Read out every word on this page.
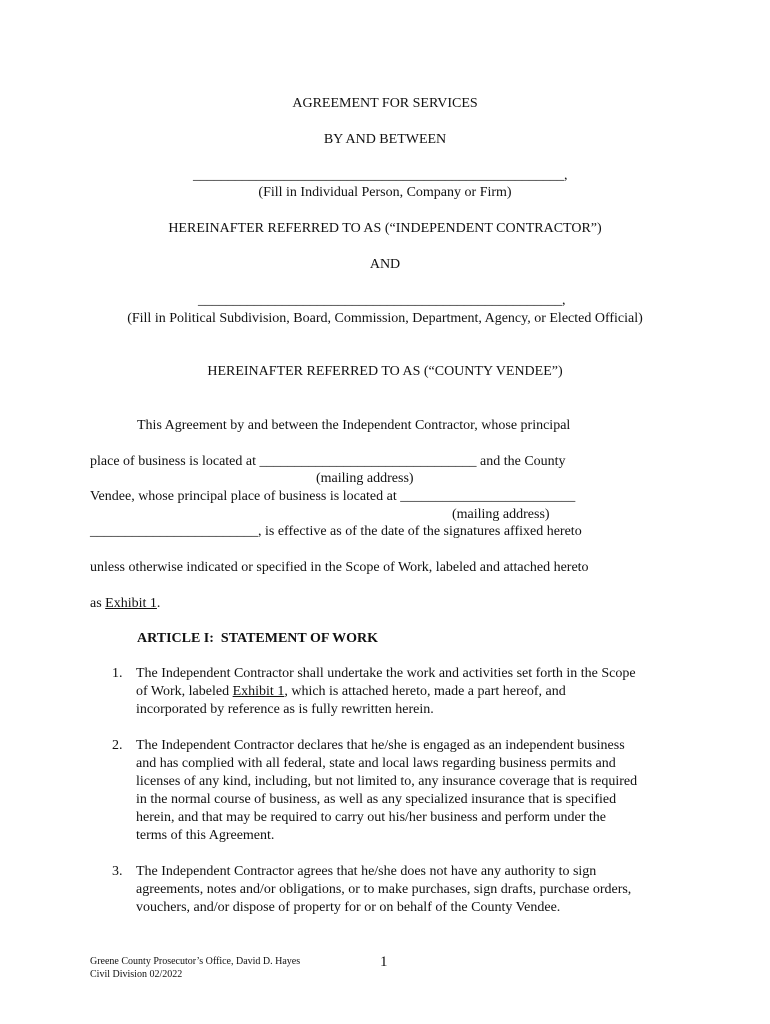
AGREEMENT FOR SERVICES
BY AND BETWEEN
_____________________________________________________,
(Fill in Individual Person, Company or Firm)
HEREINAFTER REFERRED TO AS (“INDEPENDENT CONTRACTOR”)
AND
____________________________________________________,
(Fill in Political Subdivision, Board, Commission, Department, Agency, or Elected Official)
HEREINAFTER REFERRED TO AS (“COUNTY VENDEE”)
This Agreement by and between the Independent Contractor, whose principal
place of business is located at _______________________________ and the County
(mailing address)
Vendee, whose principal place of business is located at _________________________
(mailing address)
________________________, is effective as of the date of the signatures affixed hereto
unless otherwise indicated or specified in the Scope of Work, labeled and attached hereto
as Exhibit 1.
ARTICLE I:  STATEMENT OF WORK
1. The Independent Contractor shall undertake the work and activities set forth in the Scope
of Work, labeled Exhibit 1, which is attached hereto, made a part hereof, and
incorporated by reference as is fully rewritten herein.
2. The Independent Contractor declares that he/she is engaged as an independent business
and has complied with all federal, state and local laws regarding business permits and
licenses of any kind, including, but not limited to, any insurance coverage that is required
in the normal course of business, as well as any specialized insurance that is specified
herein, and that may be required to carry out his/her business and perform under the
terms of this Agreement.
3. The Independent Contractor agrees that he/she does not have any authority to sign
agreements, notes and/or obligations, or to make purchases, sign drafts, purchase orders,
vouchers, and/or dispose of property for or on behalf of the County Vendee.
Greene County Prosecutor’s Office, David D. Hayes
Civil Division 02/2022
1
